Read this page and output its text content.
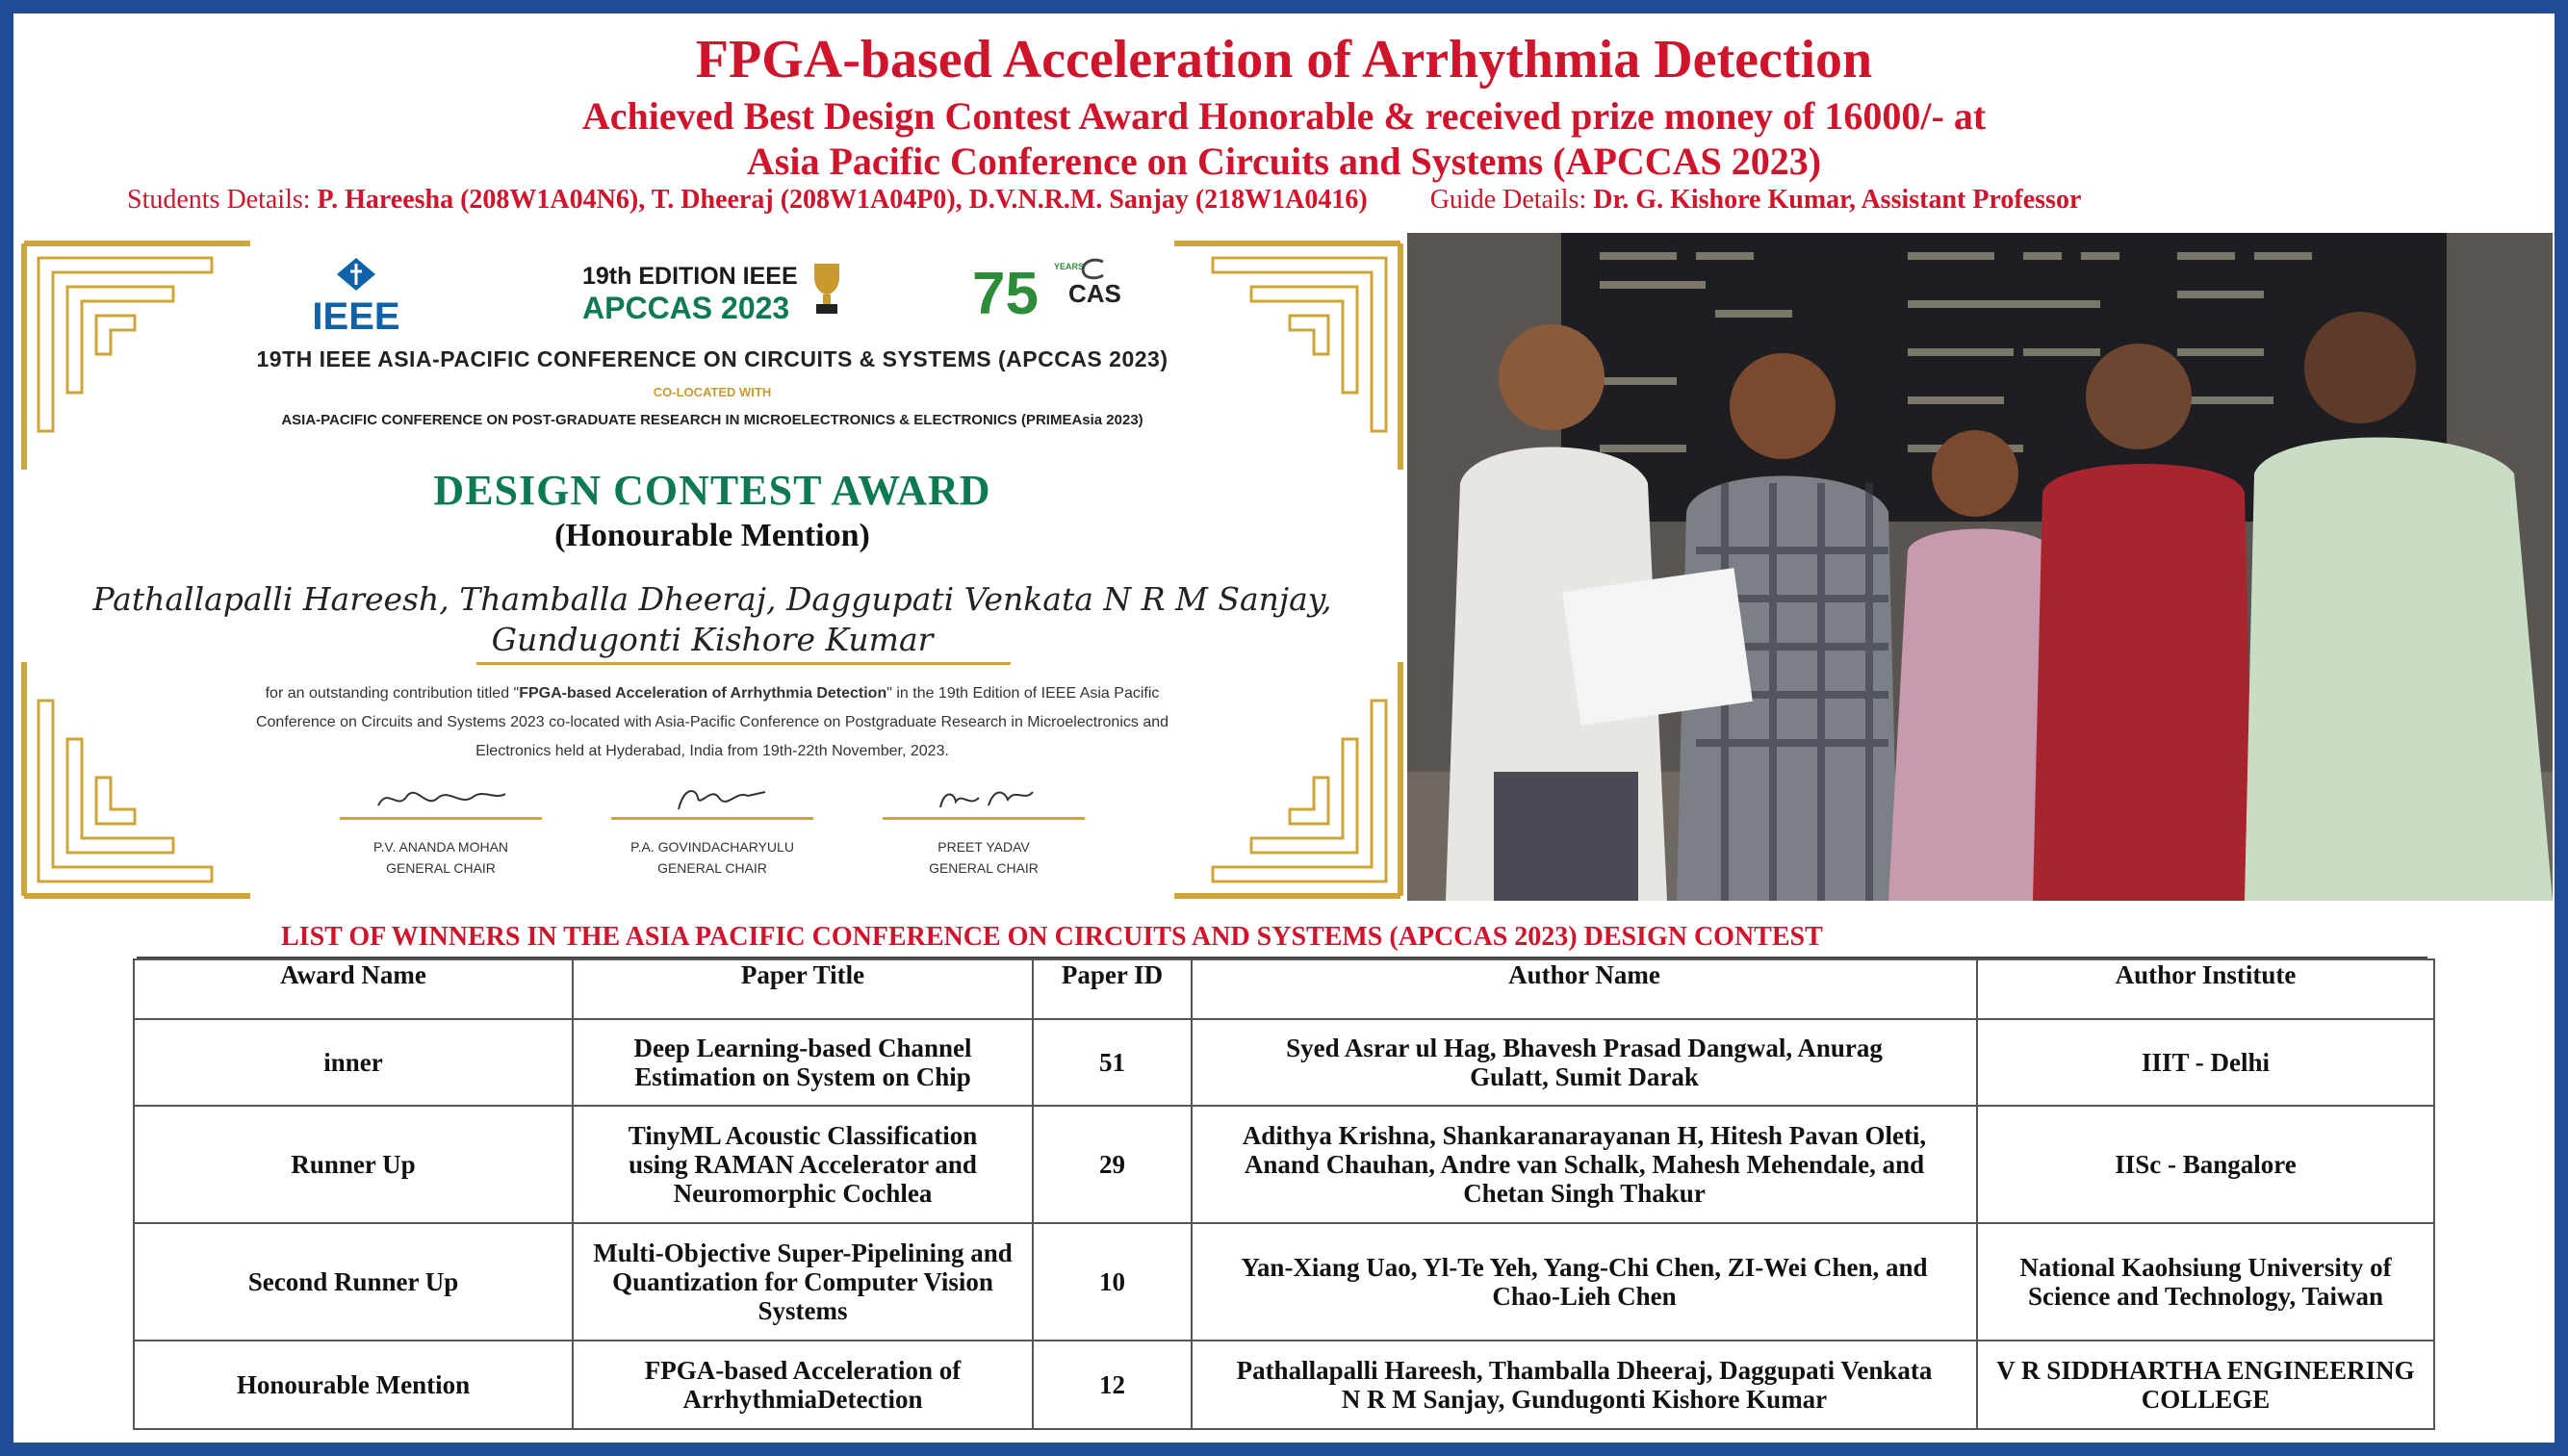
FPGA-based Acceleration of Arrhythmia Detection
Achieved Best Design Contest Award Honorable & received prize money of 16000/- at
Asia Pacific Conference on Circuits and Systems (APCCAS 2023)
Students Details: P. Hareesha (208W1A04N6), T. Dheeraj (208W1A04P0), D.V.N.R.M. Sanjay (218W1A0416) Guide Details: Dr. G. Kishore Kumar, Assistant Professor
IEEE
19th EDITION IEEE
APCCAS 2023	75 YEARS
CAS
19TH IEEE ASIA-PACIFIC CONFERENCE ON CIRCUITS & SYSTEMS (APCCAS 2023)
CO-LOCATED WITH
ASIA-PACIFIC CONFERENCE ON POST-GRADUATE RESEARCH IN MICROELECTRONICS & ELECTRONICS (PRIMEAsia 2023)
DESIGN CONTEST AWARD
(Honourable Mention)
Pathallapalli Hareesh, Thamballa Dheeraj, Daggupati Venkata N R M Sanjay,
Gundugonti Kishore Kumar
for an outstanding contribution titled "FPGA-based Acceleration of Arrhythmia Detection" in the 19th Edition of IEEE Asia Pacific
Conference on Circuits and Systems 2023 co-located with Asia-Pacific Conference on Postgraduate Research in Microelectronics and
Electronics held at Hyderabad, India from 19th-22th November, 2023.
P.V. ANANDA MOHAN
GENERAL CHAIR
P.A. GOVINDACHARYULU
GENERAL CHAIR
PREET YADAV
GENERAL CHAIR
LIST OF WINNERS IN THE ASIA PACIFIC CONFERENCE ON CIRCUITS AND SYSTEMS (APCCAS 2023) DESIGN CONTEST
Award Name	Paper Title	Paper ID	Author Name	Author Institute
inner	Deep Learning-based Channel Estimation on System on Chip	51	Syed Asrar ul Hag, Bhavesh Prasad Dangwal, Anurag Gulatt, Sumit Darak	IIIT - Delhi
Runner Up	TinyML Acoustic Classification using RAMAN Accelerator and Neuromorphic Cochlea	29	Adithya Krishna, Shankaranarayanan H, Hitesh Pavan Oleti, Anand Chauhan, Andre van Schalk, Mahesh Mehendale, and Chetan Singh Thakur	IISc - Bangalore
Second Runner Up	Multi-Objective Super-Pipelining and Quantization for Computer Vision Systems	10	Yan-Xiang Uao, Yl-Te Yeh, Yang-Chi Chen, ZI-Wei Chen, and Chao-Lieh Chen	National Kaohsiung University of Science and Technology, Taiwan
Honourable Mention	FPGA-based Acceleration of ArrhythmiaDetection	12	Pathallapalli Hareesh, Thamballa Dheeraj, Daggupati Venkata N R M Sanjay, Gundugonti Kishore Kumar	V R SIDDHARTHA ENGINEERING COLLEGE
